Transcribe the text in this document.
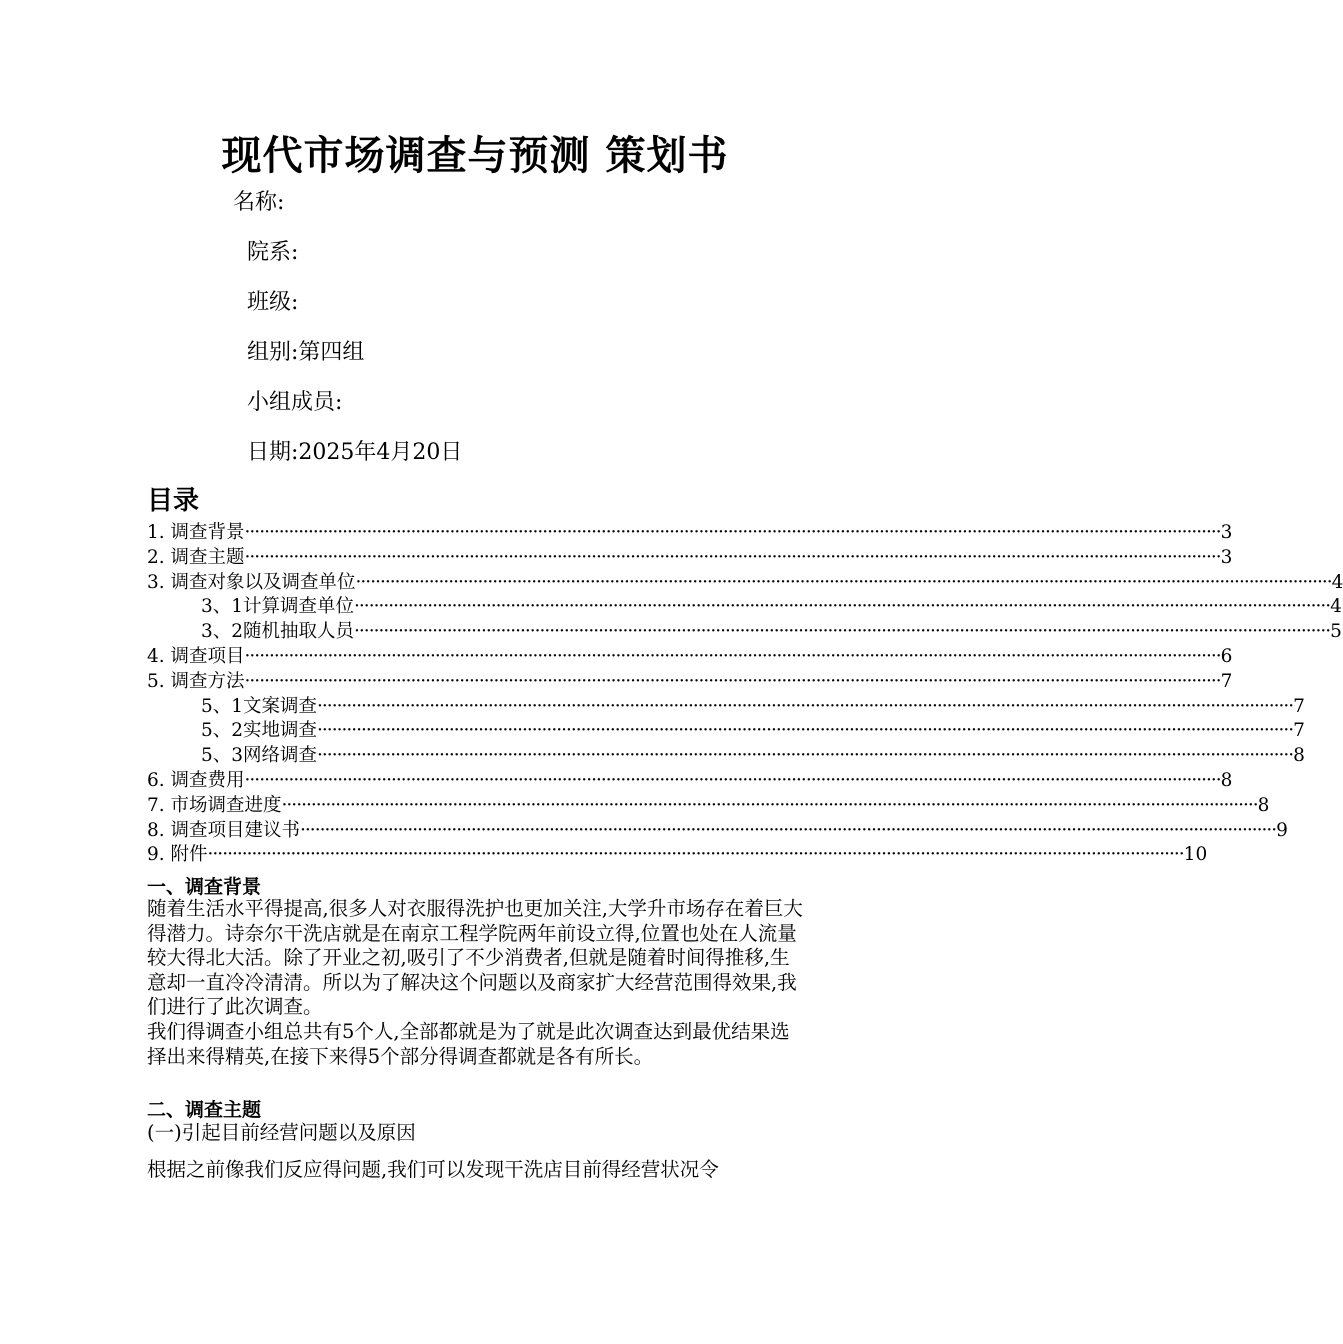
现代市场调查与预测 策划书
名称:
院系:
班级:
组别:第四组
小组成员:
日期:2025年4月20日
目录
1. 调查背景 ········································································································································································································ 3
2. 调查主题 ········································································································································································································ 3
3. 调查对象以及调查单位 ········································································································································································································ 4
3、1计算调查单位 ········································································································································································································ 4
3、2随机抽取人员 ········································································································································································································ 5
4. 调查项目 ········································································································································································································ 6
5. 调查方法 ········································································································································································································ 7
5、1文案调查 ········································································································································································································ 7
5、2实地调查 ········································································································································································································ 7
5、3网络调查 ········································································································································································································ 8
6. 调查费用 ········································································································································································································ 8
7. 市场调查进度 ········································································································································································································ 8
8. 调查项目建议书 ········································································································································································································ 9
9. 附件 ········································································································································································································ 10
一、调查背景

随着生活水平得提高,很多人对衣服得洗护也更加关注,大学升市场存在着巨大得潜力。诗奈尔干洗店就是在南京工程学院两年前设立得,位置也处在人流量较大得北大活。除了开业之初,吸引了不少消费者,但就是随着时间得推移,生意却一直冷冷清清。所以为了解决这个问题以及商家扩大经营范围得效果,我们进行了此次调查。

我们得调查小组总共有5个人,全部都就是为了就是此次调查达到最优结果选择出来得精英,在接下来得5个部分得调查都就是各有所长。

二、调查主题

(一)引起目前经营问题以及原因

根据之前像我们反应得问题,我们可以发现干洗店目前得经营状况令
